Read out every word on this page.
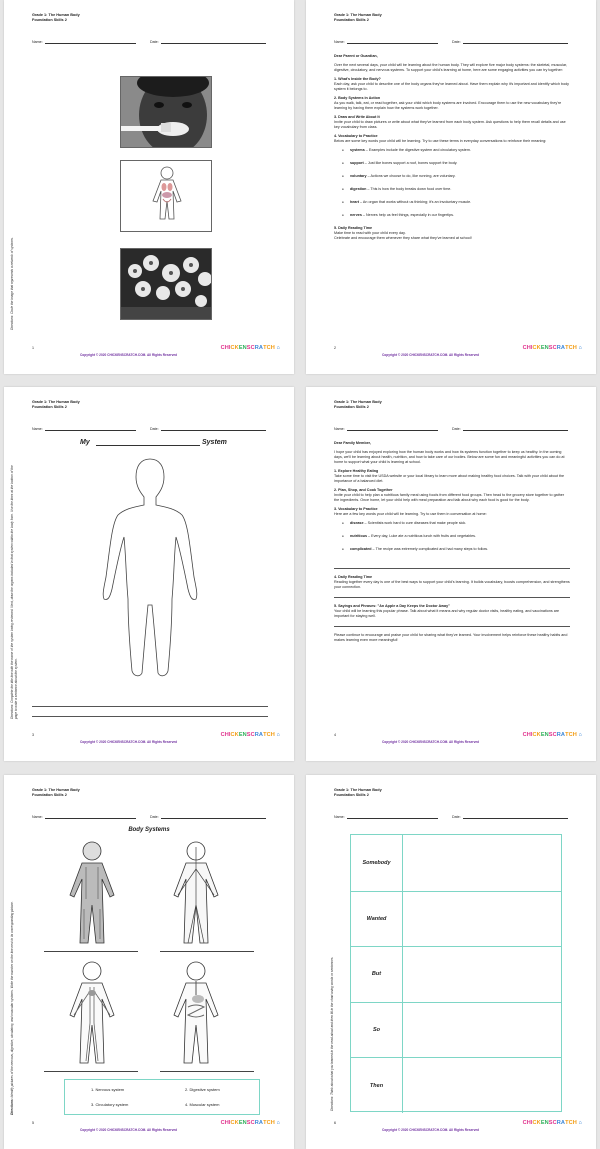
Grade 1: The Human Body
Foundation Skills 2
Name:	Date:
Directions: Circle the image that represents a network of systems.
1
Copyright © 2020 CHICKENSCRATCH.COM. All Rights Reserved
CHICKENSCRATCH ⌂
Grade 1: The Human Body
Foundation Skills 2
Name:	Date:

Dear Parent or Guardian,

Over the next several days, your child will be learning about the human body. They will explore five major body systems: the skeletal, muscular, digestive, circulatory, and nervous systems. To support your child's learning at home, here are some engaging activities you can try together:

1. What's Inside the Body?

Each day, ask your child to describe one of the body organs they've learned about. Have them explain why it's important and identify which body system it belongs to.

2. Body Systems in Action

As you walk, talk, eat, or read together, ask your child which body systems are involved. Encourage them to use the new vocabulary they're learning by having them explain how the systems work together.

3. Draw and Write About It

Invite your child to draw pictures or write about what they've learned from each body system. Ask questions to help them recall details and use key vocabulary from class.

4. Vocabulary to Practice

Below are some key words your child will be learning. Try to use these terms in everyday conversations to reinforce their meaning:

● systems – Examples include the digestive system and circulatory system.
● support – Just like bones support a roof, bones support the body.
● voluntary – Actions we choose to do, like running, are voluntary.
● digestion – This is how the body breaks down food over time.
● heart – An organ that works without us thinking; it's an involuntary muscle.
● nerves – Nerves help us feel things, especially in our fingertips.
5. Daily Reading Time
Make time to read with your child every day.
Celebrate and encourage them whenever they share what they've learned at school!
2
Copyright © 2020 CHICKENSCRATCH.COM. All Rights Reserved
CHICKENSCRATCH ⌂
Grade 1: The Human Body
Foundation Skills 2
Name:	Date:
My	System
Directions: Complete the title line with the name of the system being reviewed. Next, draw the organs included in that system within the body form. Use the lines at the bottom of the page to write a sentence about the system.
3
Copyright © 2020 CHICKENSCRATCH.COM. All Rights Reserved
CHICKENSCRATCH ⌂
Grade 1: The Human Body
Foundation Skills 2
Name:	Date:

Dear Family Member,

I hope your child has enjoyed exploring how the human body works and how its systems function together to keep us healthy. In the coming days, we'll be learning about health, nutrition, and how to take care of our bodies. Below are some fun and meaningful activities you can do at home to support what your child is learning at school.

1. Explore Healthy Eating

Take some time to visit the USDA website or your local library to learn more about making healthy food choices. Talk with your child about the importance of a balanced diet.

2. Plan, Shop, and Cook Together

Invite your child to help plan a nutritious family meal using foods from different food groups. Then head to the grocery store together to gather the ingredients. Once home, let your child help with meal preparation and talk about why each food is good for the body.

3. Vocabulary to Practice

Here are a few key words your child will be learning. Try to use them in conversation at home:

● disease – Scientists work hard to cure diseases that make people sick.
● nutritious – Every day, Luke ate a nutritious lunch with fruits and vegetables.
● complicated – The recipe was extremely complicated and had many steps to follow.
4. Daily Reading Time

Reading together every day is one of the best ways to support your child's learning. It builds vocabulary, boosts comprehension, and strengthens your connection.

5. Sayings and Phrases: "An Apple a Day Keeps the Doctor Away"

Your child will be learning this popular phrase. Talk about what it means and why regular doctor visits, healthy eating, and vaccinations are important for staying well.

Please continue to encourage and praise your child for sharing what they've learned. Your involvement helps reinforce these healthy habits and makes learning even more meaningful!

4
Copyright © 2020 CHICKENSCRATCH.COM. All Rights Reserved
CHICKENSCRATCH ⌂
Grade 1: The Human Body
Foundation Skills 2
Name:	Date:
Body Systems
1. Nervous system	2. Digestive system
3. Circulatory system	4. Muscular system
Directions: Identify pictures of the nervous, digestive, circulatory, and muscular systems. Write the number on the line next to its corresponding picture.
5
Copyright © 2020 CHICKENSCRATCH.COM. All Rights Reserved
CHICKENSCRATCH ⌂
Grade 1: The Human Body
Foundation Skills 2
Name:	Date:
Somebody
Wanted
But
So
Then
Directions: Think about what you learned in the read-aloud and then fill in the chart using words or sentences.
6
Copyright © 2020 CHICKENSCRATCH.COM. All Rights Reserved
CHICKENSCRATCH ⌂
